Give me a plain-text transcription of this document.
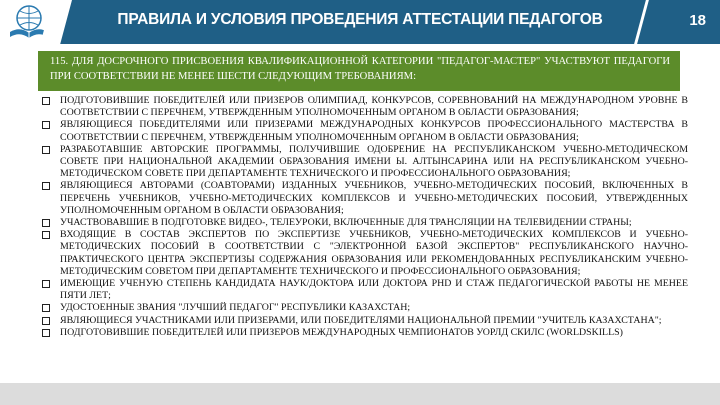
ПРАВИЛА И УСЛОВИЯ ПРОВЕДЕНИЯ АТТЕСТАЦИИ ПЕДАГОГОВ	18
115. ДЛЯ ДОСРОЧНОГО ПРИСВОЕНИЯ КВАЛИФИКАЦИОННОЙ КАТЕГОРИИ "ПЕДАГОГ-МАСТЕР" УЧАСТВУЮТ ПЕДАГОГИ ПРИ СООТВЕТСТВИИ НЕ МЕНЕЕ ШЕСТИ СЛЕДУЮЩИМ ТРЕБОВАНИЯМ:
ПОДГОТОВИВШИЕ ПОБЕДИТЕЛЕЙ ИЛИ ПРИЗЕРОВ ОЛИМПИАД, КОНКУРСОВ, СОРЕВНОВАНИЙ НА МЕЖДУНАРОДНОМ УРОВНЕ В СООТВЕТСТВИИ С ПЕРЕЧНЕМ, УТВЕРЖДЕННЫМ УПОЛНОМОЧЕННЫМ ОРГАНОМ В ОБЛАСТИ ОБРАЗОВАНИЯ;
ЯВЛЯЮЩИЕСЯ ПОБЕДИТЕЛЯМИ ИЛИ ПРИЗЕРАМИ МЕЖДУНАРОДНЫХ КОНКУРСОВ ПРОФЕССИОНАЛЬНОГО МАСТЕРСТВА В СООТВЕТСТВИИ С ПЕРЕЧНЕМ, УТВЕРЖДЕННЫМ УПОЛНОМОЧЕННЫМ ОРГАНОМ В ОБЛАСТИ ОБРАЗОВАНИЯ;
РАЗРАБОТАВШИЕ АВТОРСКИЕ ПРОГРАММЫ, ПОЛУЧИВШИЕ ОДОБРЕНИЕ НА РЕСПУБЛИКАНСКОМ УЧЕБНО-МЕТОДИЧЕСКОМ СОВЕТЕ ПРИ НАЦИОНАЛЬНОЙ АКАДЕМИИ ОБРАЗОВАНИЯ ИМЕНИ Ы. АЛТЫНСАРИНА ИЛИ НА РЕСПУБЛИКАНСКОМ УЧЕБНО-МЕТОДИЧЕСКОМ СОВЕТЕ ПРИ ДЕПАРТАМЕНТЕ ТЕХНИЧЕСКОГО И ПРОФЕССИОНАЛЬНОГО ОБРАЗОВАНИЯ;
ЯВЛЯЮЩИЕСЯ АВТОРАМИ (СОАВТОРАМИ) ИЗДАННЫХ УЧЕБНИКОВ, УЧЕБНО-МЕТОДИЧЕСКИХ ПОСОБИЙ, ВКЛЮЧЕННЫХ В ПЕРЕЧЕНЬ УЧЕБНИКОВ, УЧЕБНО-МЕТОДИЧЕСКИХ КОМПЛЕКСОВ И УЧЕБНО-МЕТОДИЧЕСКИХ ПОСОБИЙ, УТВЕРЖДЕННЫХ УПОЛНОМОЧЕННЫМ ОРГАНОМ В ОБЛАСТИ ОБРАЗОВАНИЯ;
УЧАСТВОВАВШИЕ В ПОДГОТОВКЕ ВИДЕО-, ТЕЛЕУРОКИ, ВКЛЮЧЕННЫЕ ДЛЯ ТРАНСЛЯЦИИ НА ТЕЛЕВИДЕНИИ СТРАНЫ;
ВХОДЯЩИЕ В СОСТАВ ЭКСПЕРТОВ ПО ЭКСПЕРТИЗЕ УЧЕБНИКОВ, УЧЕБНО-МЕТОДИЧЕСКИХ КОМПЛЕКСОВ И УЧЕБНО-МЕТОДИЧЕСКИХ ПОСОБИЙ В СООТВЕТСТВИИ С "ЭЛЕКТРОННОЙ БАЗОЙ ЭКСПЕРТОВ" РЕСПУБЛИКАНСКОГО НАУЧНО-ПРАКТИЧЕСКОГО ЦЕНТРА ЭКСПЕРТИЗЫ СОДЕРЖАНИЯ ОБРАЗОВАНИЯ ИЛИ РЕКОМЕНДОВАННЫХ РЕСПУБЛИКАНСКИМ УЧЕБНО-МЕТОДИЧЕСКИМ СОВЕТОМ ПРИ ДЕПАРТАМЕНТЕ ТЕХНИЧЕСКОГО И ПРОФЕССИОНАЛЬНОГО ОБРАЗОВАНИЯ;
ИМЕЮЩИЕ УЧЕНУЮ СТЕПЕНЬ КАНДИДАТА НАУК/ДОКТОРА ИЛИ ДОКТОРА PHD И СТАЖ ПЕДАГОГИЧЕСКОЙ РАБОТЫ НЕ МЕНЕЕ ПЯТИ ЛЕТ;
УДОСТОЕННЫЕ ЗВАНИЯ "ЛУЧШИЙ ПЕДАГОГ" РЕСПУБЛИКИ КАЗАХСТАН;
ЯВЛЯЮЩИЕСЯ УЧАСТНИКАМИ ИЛИ ПРИЗЕРАМИ, ИЛИ ПОБЕДИТЕЛЯМИ НАЦИОНАЛЬНОЙ ПРЕМИИ "УЧИТЕЛЬ КАЗАХСТАНА";
ПОДГОТОВИВШИЕ ПОБЕДИТЕЛЕЙ ИЛИ ПРИЗЕРОВ МЕЖДУНАРОДНЫХ ЧЕМПИОНАТОВ УОРЛД СКИЛС (WORLDSKILLS)
